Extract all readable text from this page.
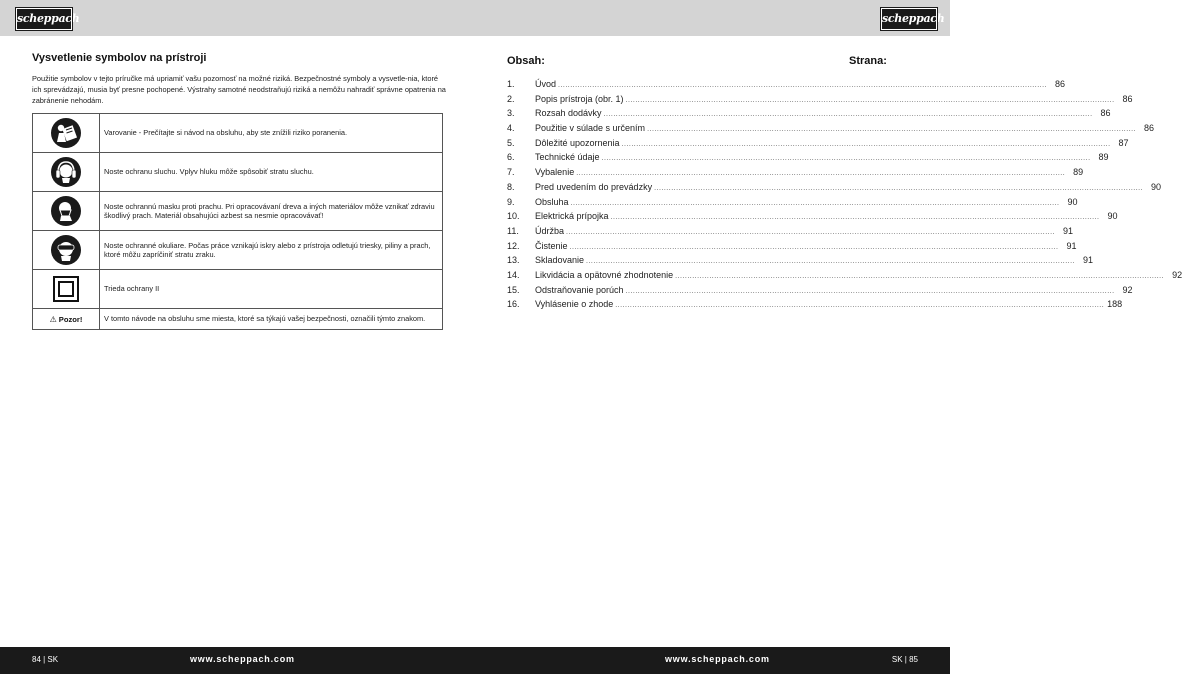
scheppach	scheppach
Vysvetlenie symbolov na prístroji
Použitie symbolov v tejto príručke má upriamiť vašu pozornosť na možné riziká. Bezpečnostné symboly a vysvetle-nia, ktoré ich sprevádzajú, musia byť presne pochopené. Výstrahy samotné neodstraňujú riziká a nemôžu nahradiť správne opatrenia na zabránenie nehodám.
	Varovanie - Prečítajte si návod na obsluhu, aby ste znížili riziko poranenia.

	Noste ochranu sluchu. Vplyv hluku môže spôsobiť stratu sluchu.

	Noste ochrannú masku proti prachu. Pri opracovávaní dreva a iných materiálov môže vznikať zdraviu škodlivý prach. Materiál obsahujúci azbest sa nesmie opracovávať!

	Noste ochranné okuliare. Počas práce vznikajú iskry alebo z prístroja odletujú triesky, piliny a prach, ktoré môžu zapríčiniť stratu zraku.

	Trieda ochrany II
⚠ Pozor!	V tomto návode na obsluhu sme miesta, ktoré sa týkajú vašej bezpečnosti, označili týmto znakom.
Obsah:	Strana:
1.	Úvod ........................................................................................................................................................................................................ 86
2.	Popis prístroja (obr. 1) ........................................................................................................................................................................................................ 86
3.	Rozsah dodávky ........................................................................................................................................................................................................ 86
4.	Použitie v súlade s určením ........................................................................................................................................................................................................ 86
5.	Dôležité upozornenia ........................................................................................................................................................................................................ 87
6.	Technické údaje ........................................................................................................................................................................................................ 89
7.	Vybalenie ........................................................................................................................................................................................................ 89
8.	Pred uvedením do prevádzky ........................................................................................................................................................................................................ 90
9.	Obsluha ........................................................................................................................................................................................................ 90
10.	Elektrická prípojka ........................................................................................................................................................................................................ 90
11.	Údržba ........................................................................................................................................................................................................ 91
12.	Čistenie ........................................................................................................................................................................................................ 91
13.	Skladovanie ........................................................................................................................................................................................................ 91
14.	Likvidácia a opätovné zhodnotenie ........................................................................................................................................................................................................ 92
15.	Odstraňovanie porúch ........................................................................................................................................................................................................ 92
16.	Vyhlásenie o zhode ........................................................................................................................................................................................................ 188
84 | SK	www.scheppach.com	www.scheppach.com	SK | 85
